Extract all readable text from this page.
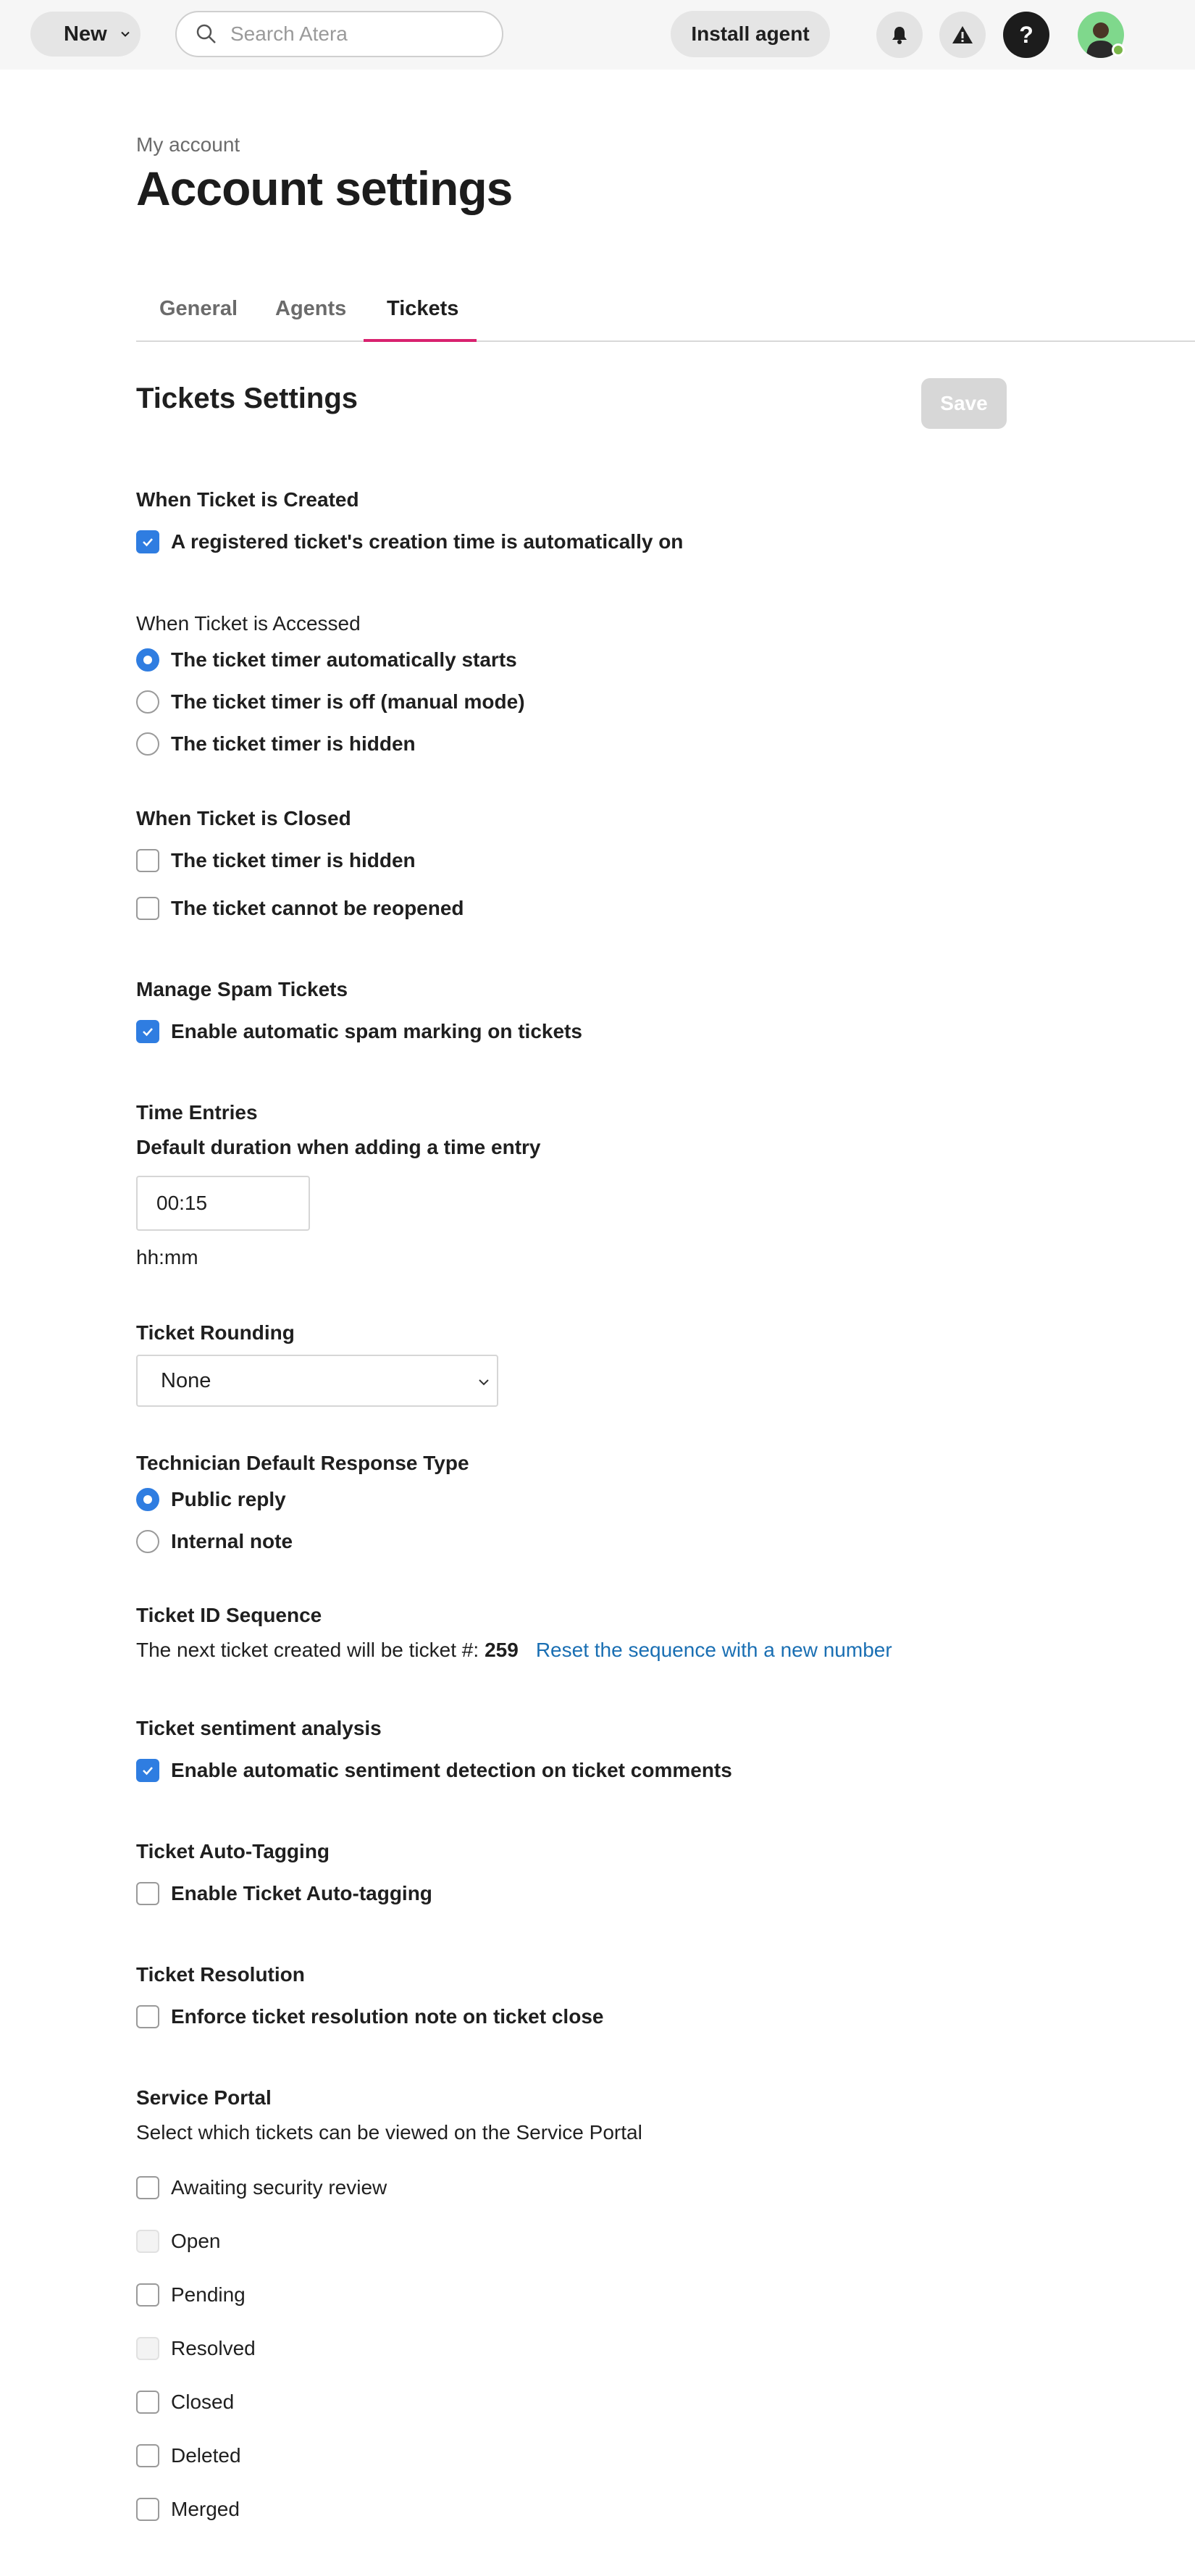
New
Search Atera	Install agent	?
My account
Account settings
General Agents Tickets
Tickets Settings	Save
When Ticket is Created
A registered ticket's creation time is automatically on
When Ticket is Accessed
The ticket timer automatically starts
The ticket timer is off (manual mode)
The ticket timer is hidden
When Ticket is Closed
The ticket timer is hidden
The ticket cannot be reopened
Manage Spam Tickets
Enable automatic spam marking on tickets
Time Entries
Default duration when adding a time entry
00:15
hh:mm
Ticket Rounding
None
Technician Default Response Type
Public reply
Internal note
Ticket ID Sequence
The next ticket created will be ticket #: 259 Reset the sequence with a new number
Ticket sentiment analysis
Enable automatic sentiment detection on ticket comments
Ticket Auto-Tagging
Enable Ticket Auto-tagging
Ticket Resolution
Enforce ticket resolution note on ticket close
Service Portal
Select which tickets can be viewed on the Service Portal
Awaiting security review
Open
Pending
Resolved
Closed
Deleted
Merged
